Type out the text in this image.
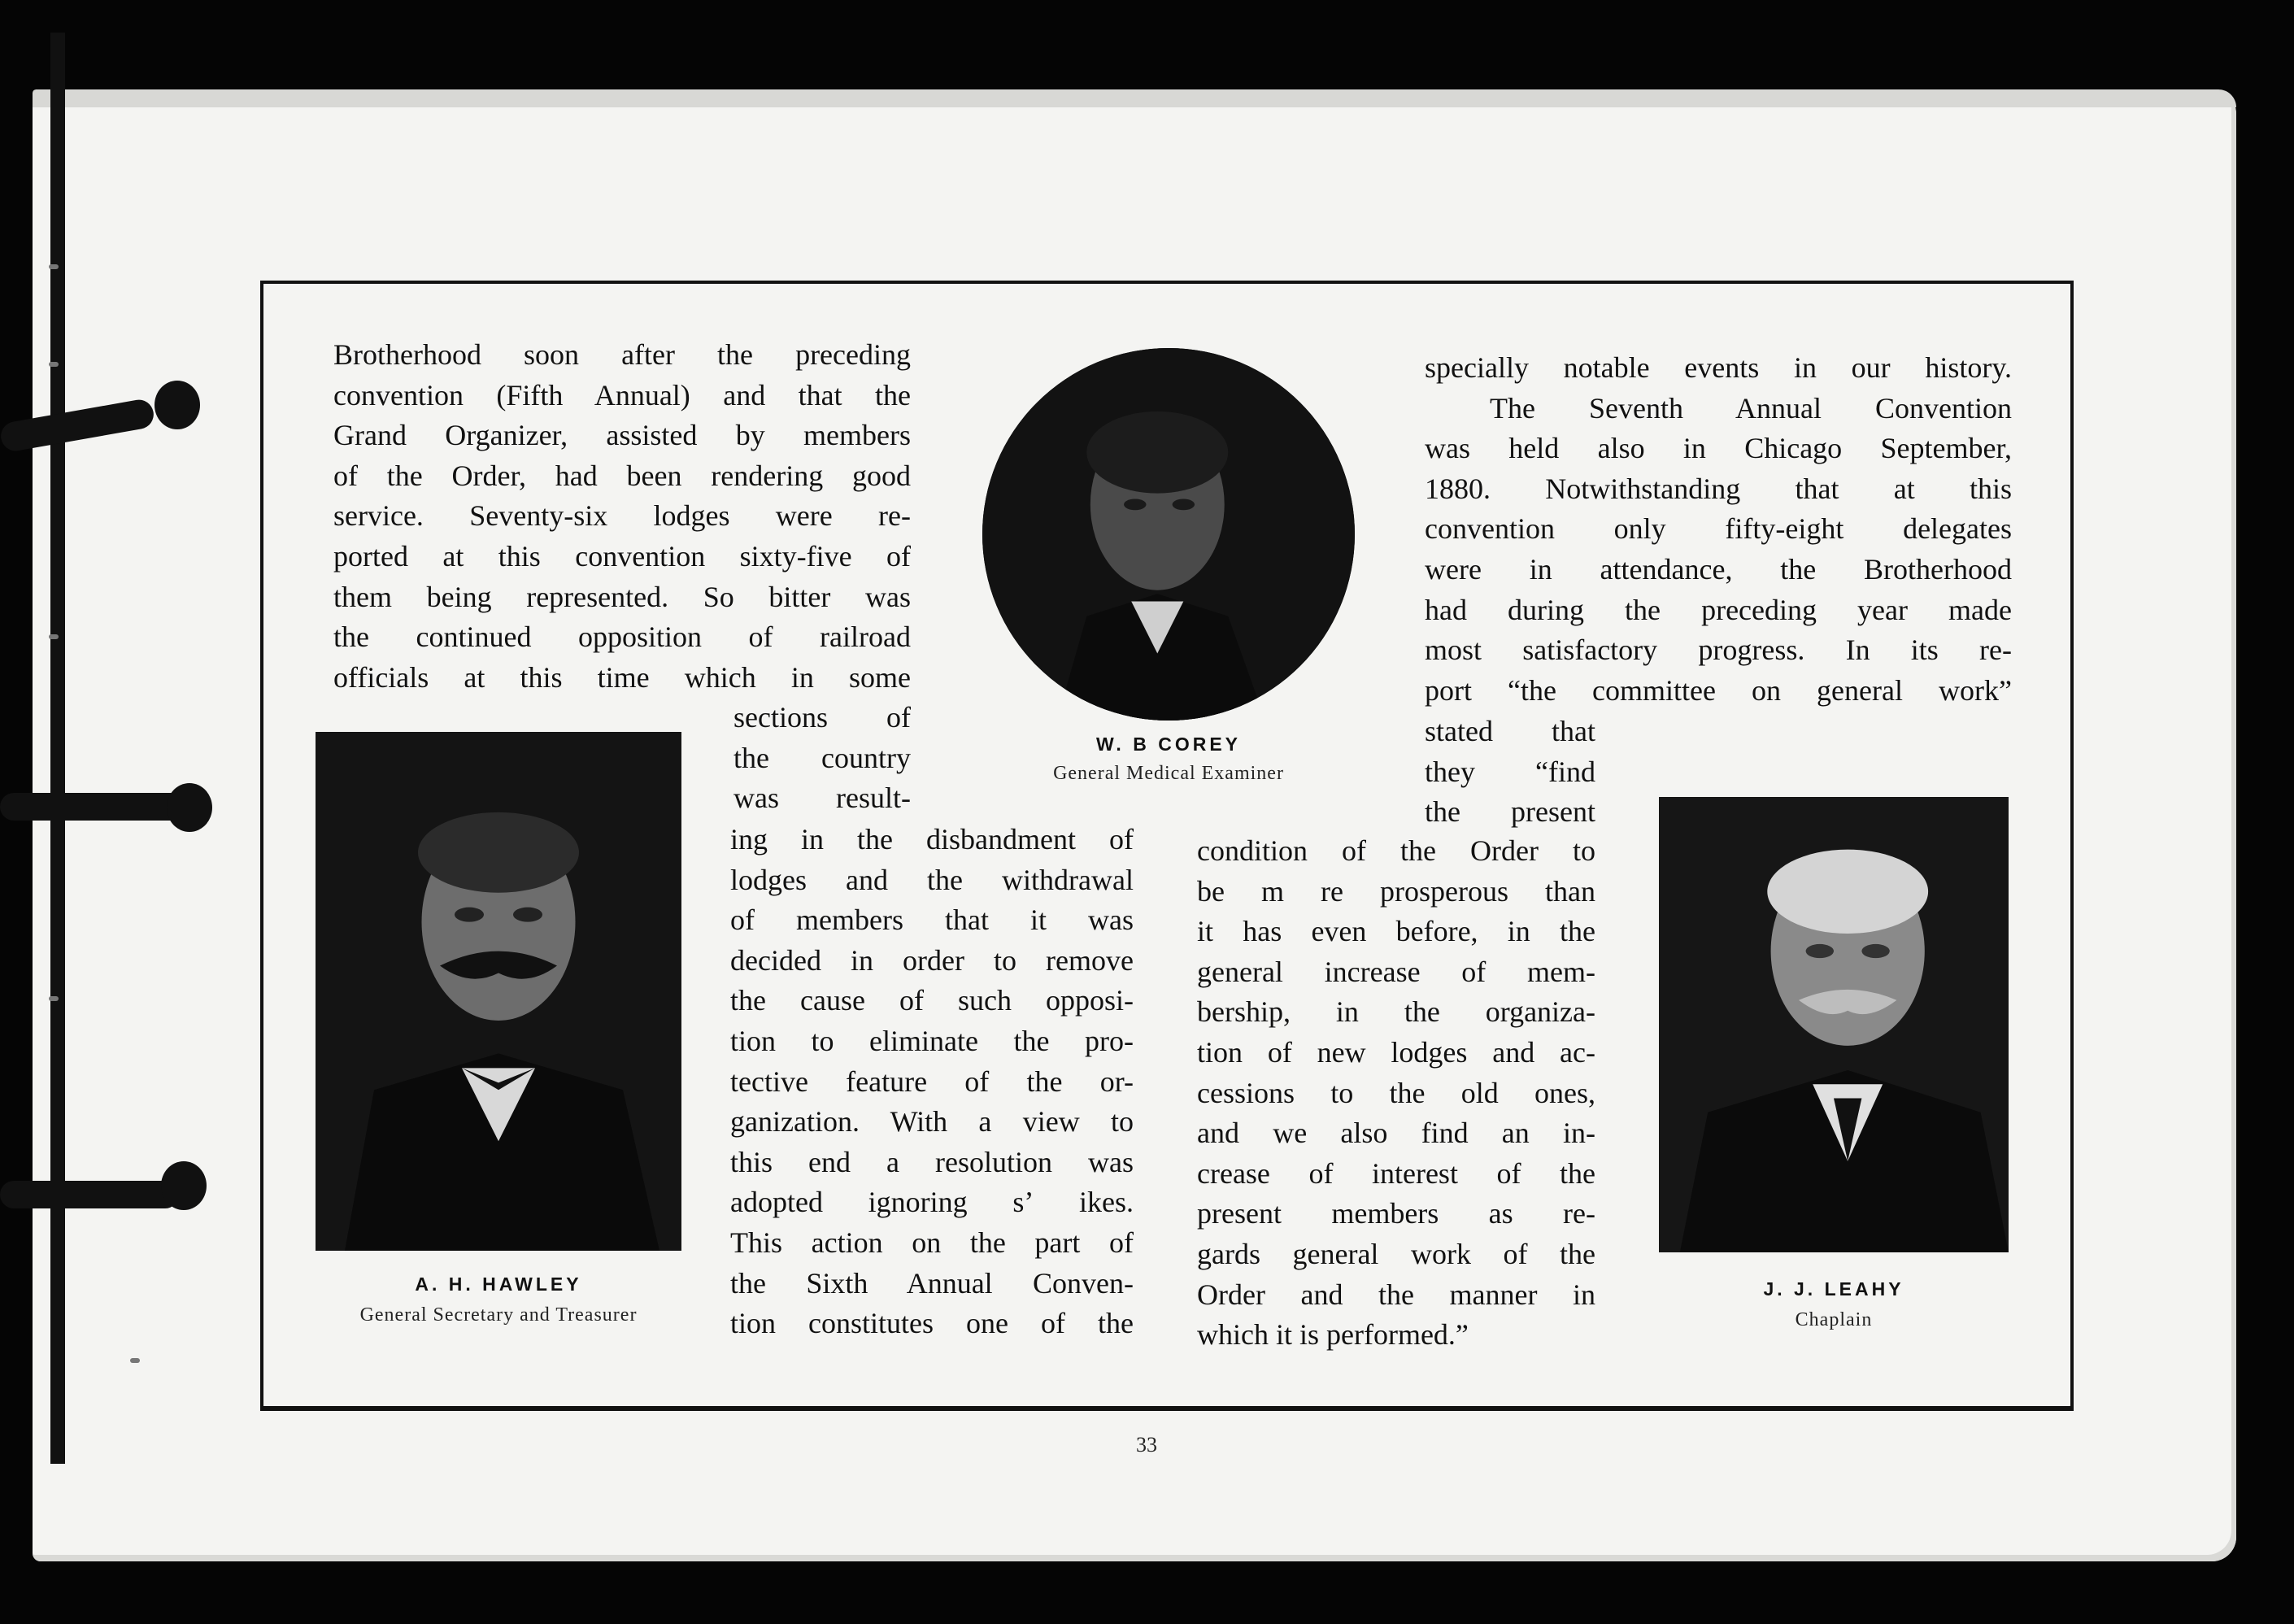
Brotherhood soon after the preceding
convention (Fifth Annual) and that the
Grand Organizer, assisted by members
of the Order, had been rendering good
service. Seventy-six lodges were re-
ported at this convention sixty-five of
them being represented. So bitter was
the continued opposition of railroad
officials at this time which in some
sections of
the country
was result-
ing in the disbandment of
lodges and the withdrawal
of members that it was
decided in order to remove
the cause of such opposi-
tion to eliminate the pro-
tective feature of the or-
ganization. With a view to
this end a resolution was
adopted ignoring sʼ ikes.
This action on the part of
the Sixth Annual Conven-
tion constitutes one of the
specially notable events in our history.
The Seventh Annual Convention
was held also in Chicago September,
1880. Notwithstanding that at this
convention only fifty-eight delegates
were in attendance, the Brotherhood
had during the preceding year made
most satisfactory progress. In its re-
port “the committee on general work”
stated that
they “find
the present
condition of the Order to
be m re prosperous than
it has even before, in the
general increase of mem-
bership, in the organiza-
tion of new lodges and ac-
cessions to the old ones,
and we also find an in-
crease of interest of the
present members as re-
gards general work of the
Order and the manner in
which it is performed.”
W. B COREY
General Medical Examiner
A. H. HAWLEY
General Secretary and Treasurer
J. J. LEAHY
Chaplain
33
